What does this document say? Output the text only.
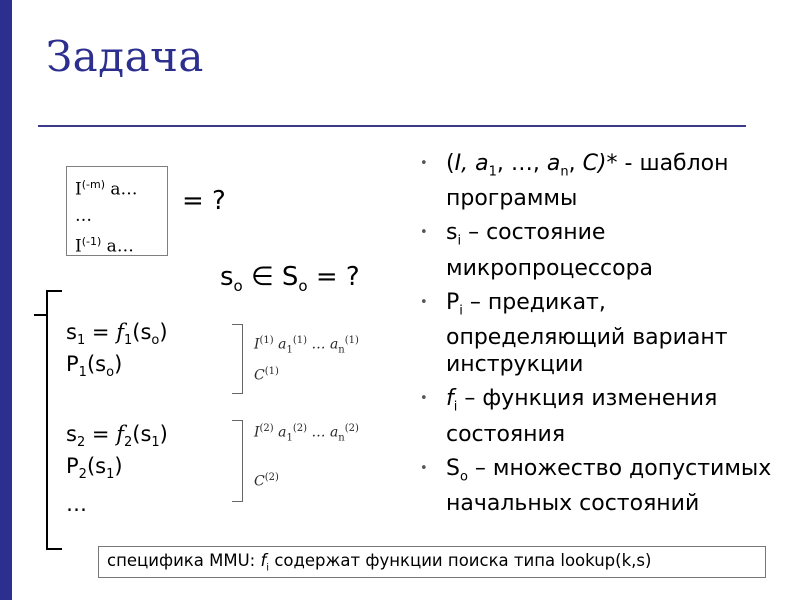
Задача
$I^{(-m)}$ a…
…
$I^{(-1)}$ a…
= ?
$s_o$ ∈ $S_o$ = ?
$s_1 = f_1(s_o)$
$P_1(s_o)$
$s_2 = f_2(s_1)$
$P_2(s_1)$
…
$I^{(1)}$ $a_1^{(1)}$ … $a_n^{(1)}$
$C^{(1)}$
$I^{(2)}$ $a_1^{(2)}$ … $a_n^{(2)}$
$C^{(2)}$
• (I, $a_1$, …, $a_n$, C)* - шаблон программы
• $s_i$ – состояние микропроцессора
• $P_i$ – предикат, определяющий вариант инструкции
• $f_i$ – функция изменения состояния
• $S_o$ – множество допустимых начальных состояний
специфика MMU: $f_i$ содержат функции поиска типа lookup(k,s)
